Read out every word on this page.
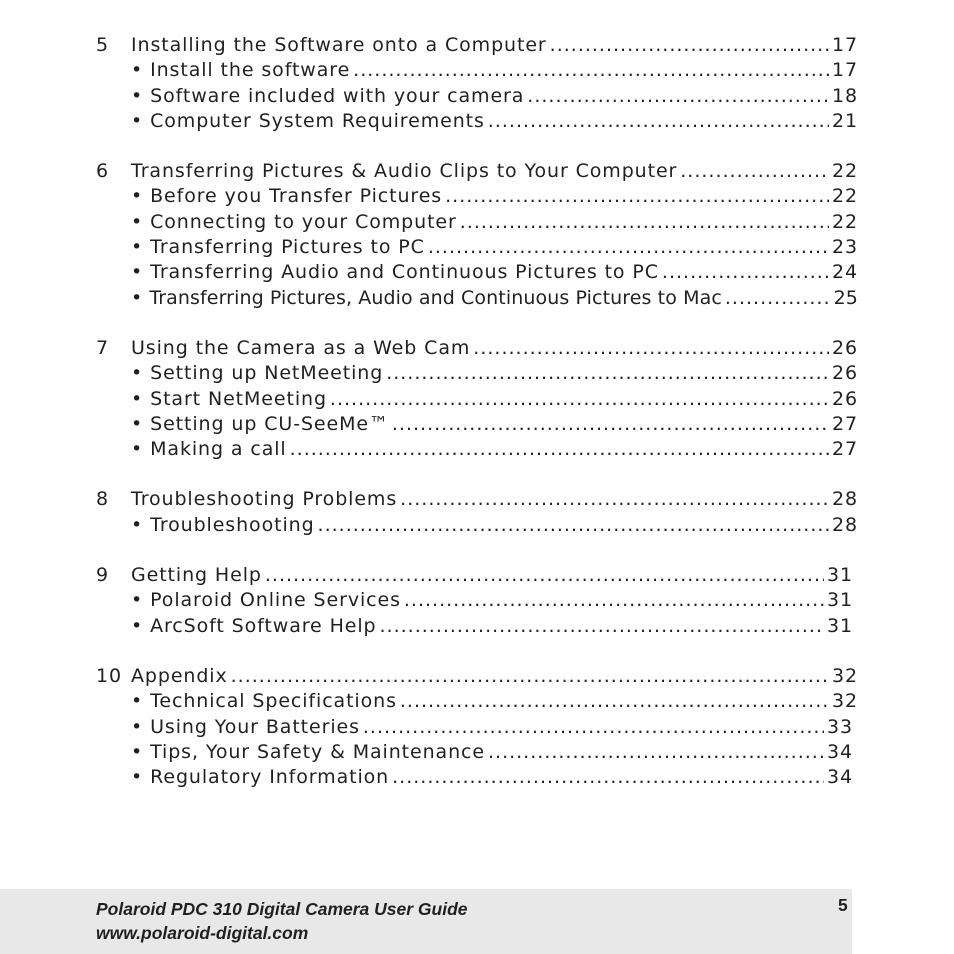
5	Installing the Software onto a Computer .....	17
• Install the software .....	17
• Software included with your camera .....	18
• Computer System Requirements .....	21
6	Transferring Pictures & Audio Clips to Your Computer .....	22
• Before you Transfer Pictures .....	22
• Connecting to your Computer .....	22
• Transferring Pictures to PC .....	23
• Transferring Audio and Continuous Pictures to PC .....	24
• Transferring Pictures, Audio and Continuous Pictures to Mac .....	25
7	Using the Camera as a Web Cam .....	26
• Setting up NetMeeting .....	26
• Start NetMeeting .....	26
• Setting up CU-SeeMe™ .....	27
• Making a call .....	27
8	Troubleshooting Problems .....	28
• Troubleshooting .....	28
9	Getting Help .....	31
• Polaroid Online Services .....	31
• ArcSoft Software Help .....	31
10 Appendix .....	32
• Technical Specifications .....	32
• Using Your Batteries .....	33
• Tips, Your Safety & Maintenance .....	34
• Regulatory Information .....	34
Polaroid PDC 310 Digital Camera User Guide
www.polaroid-digital.com
5
